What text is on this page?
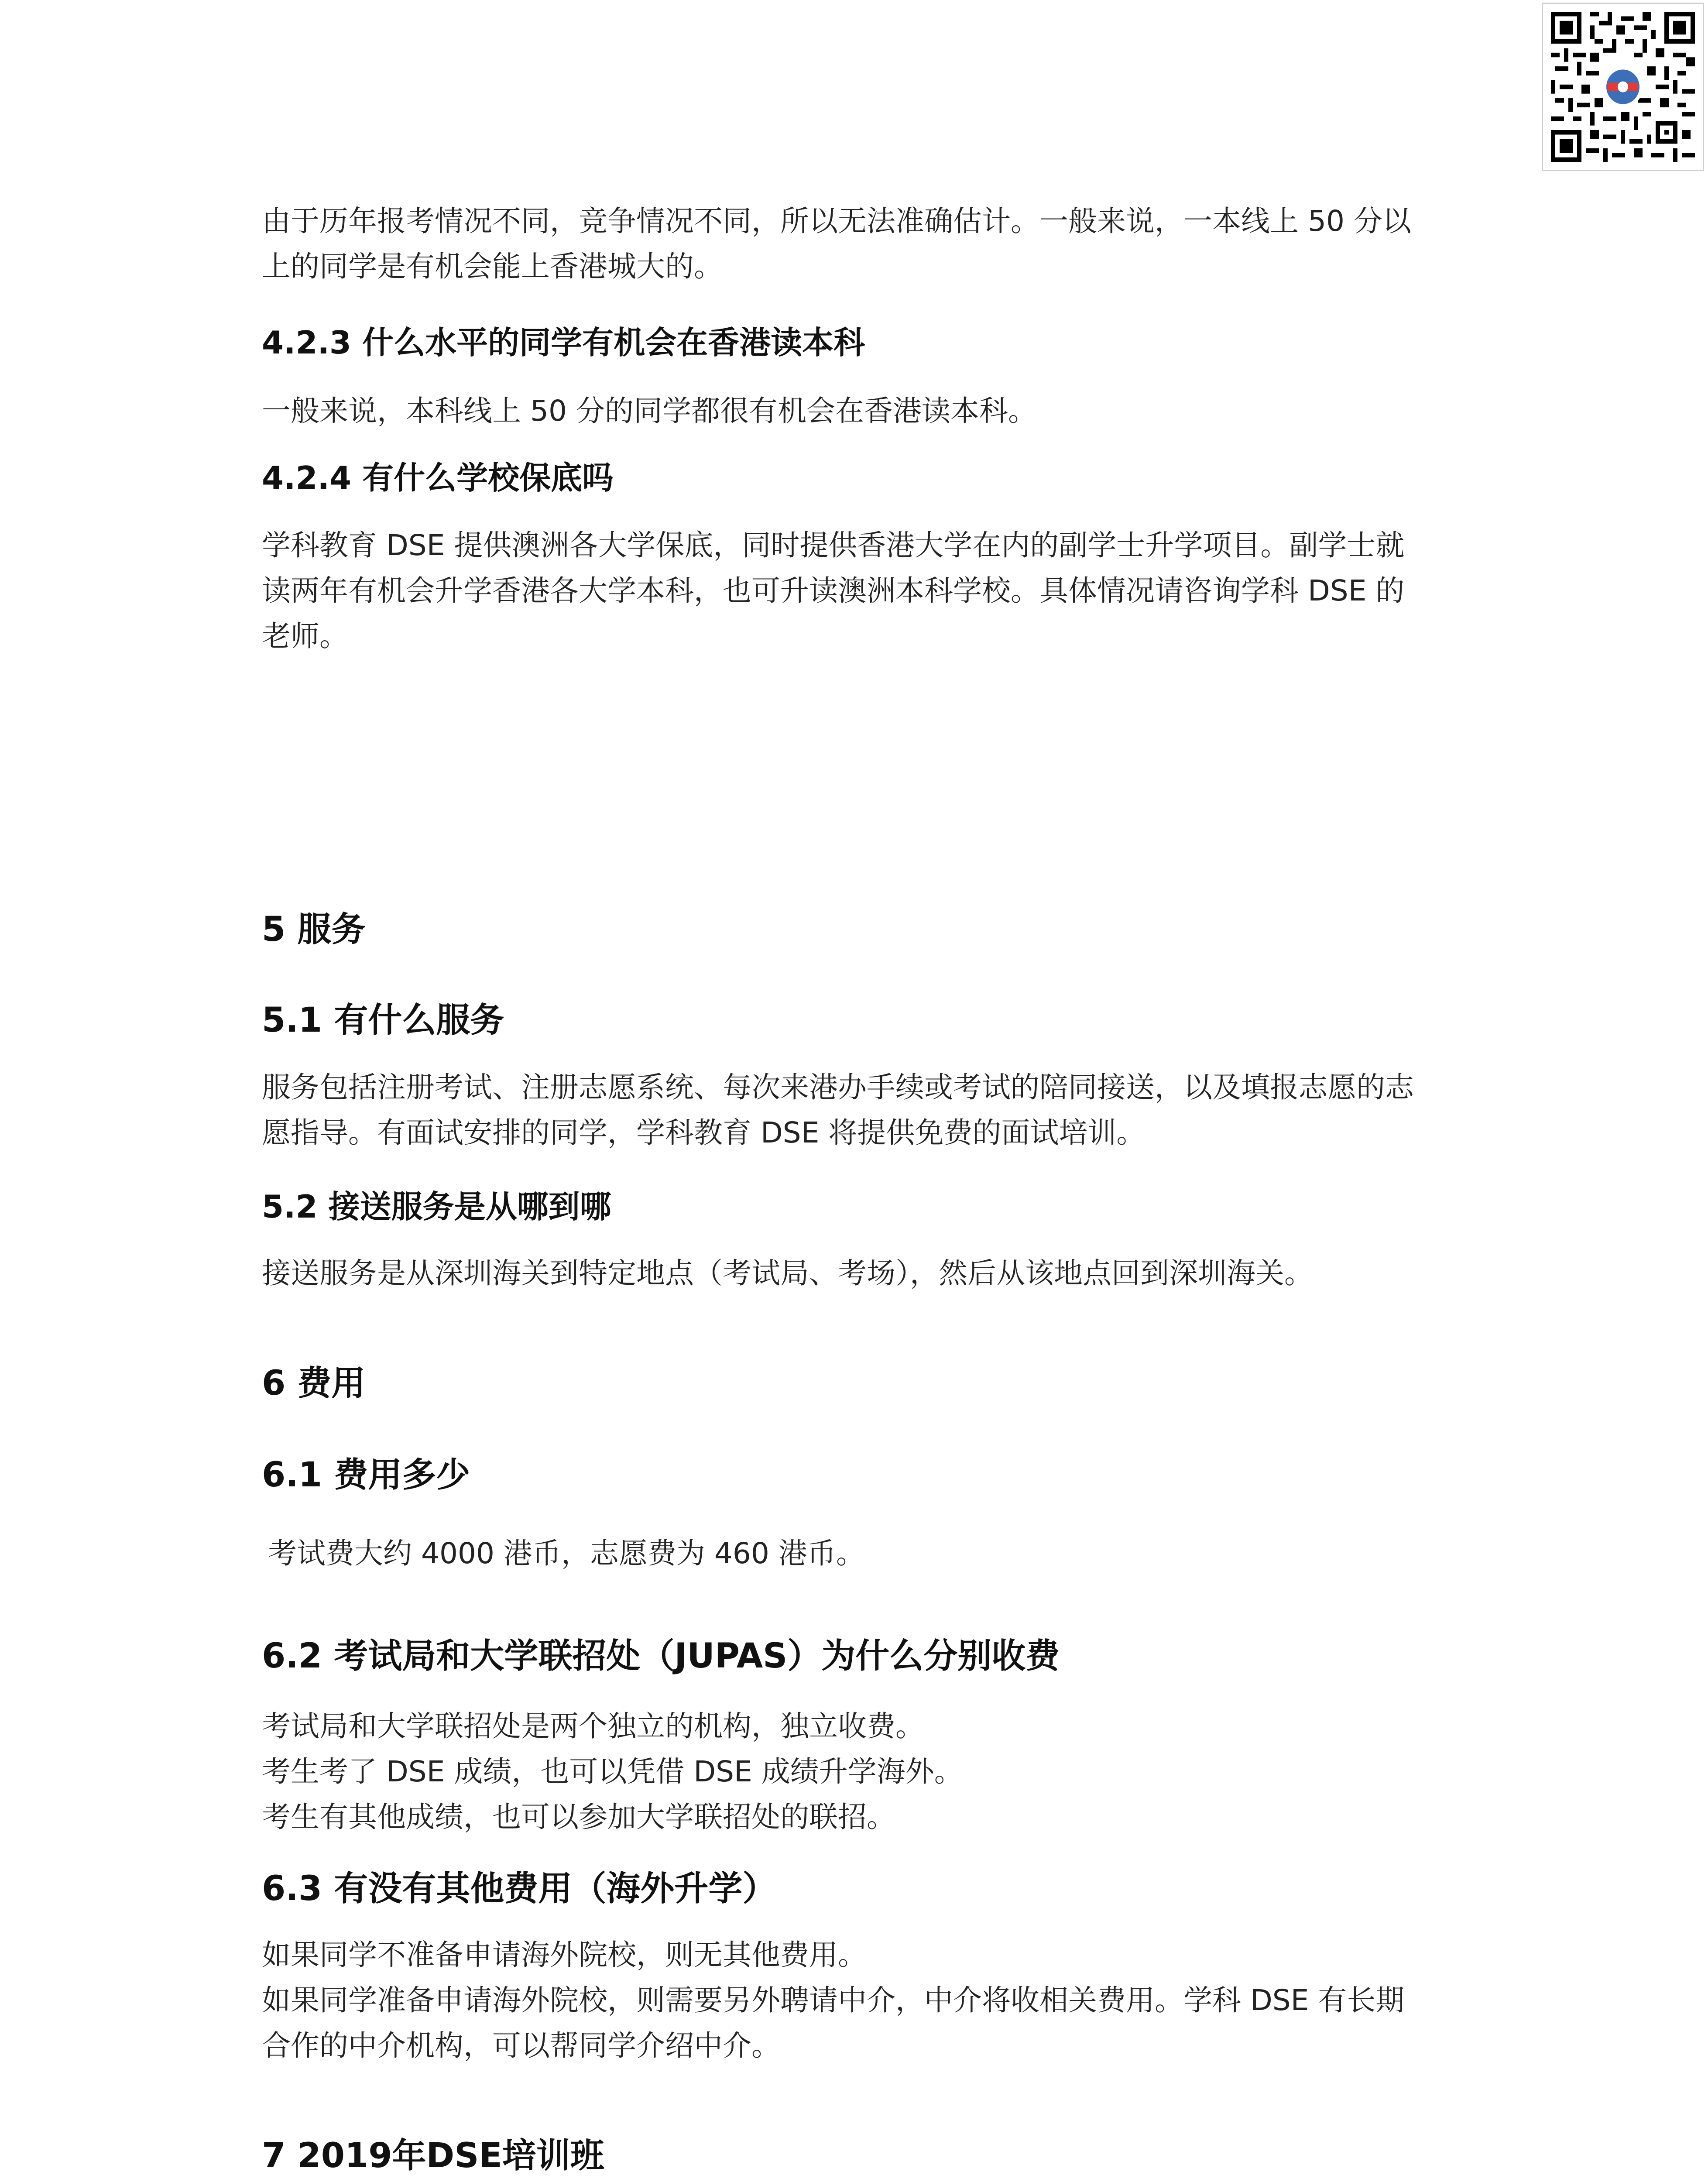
由于历年报考情况不同，竞争情况不同，所以无法准确估计。一般来说，一本线上 50 分以

上的同学是有机会能上香港城大的。

4.2.3 什么水平的同学有机会在香港读本科

一般来说，本科线上 50 分的同学都很有机会在香港读本科。

4.2.4 有什么学校保底吗

学科教育 DSE 提供澳洲各大学保底，同时提供香港大学在内的副学士升学项目。副学士就

读两年有机会升学香港各大学本科，也可升读澳洲本科学校。具体情况请咨询学科 DSE 的

老师。

5 服务
5.1 有什么服务

服务包括注册考试、注册志愿系统、每次来港办手续或考试的陪同接送，以及填报志愿的志

愿指导。有面试安排的同学，学科教育 DSE 将提供免费的面试培训。

5.2 接送服务是从哪到哪

接送服务是从深圳海关到特定地点（考试局、考场），然后从该地点回到深圳海关。

6 费用
6.1 费用多少

考试费大约 4000 港币，志愿费为 460 港币。

6.2 考试局和大学联招处（JUPAS）为什么分别收费

考试局和大学联招处是两个独立的机构，独立收费。

考生考了 DSE 成绩，也可以凭借 DSE 成绩升学海外。

考生有其他成绩，也可以参加大学联招处的联招。

6.3 有没有其他费用（海外升学）

如果同学不准备申请海外院校，则无其他费用。

如果同学准备申请海外院校，则需要另外聘请中介，中介将收相关费用。学科 DSE 有长期

合作的中介机构，可以帮同学介绍中介。

7 2019年DSE培训班
